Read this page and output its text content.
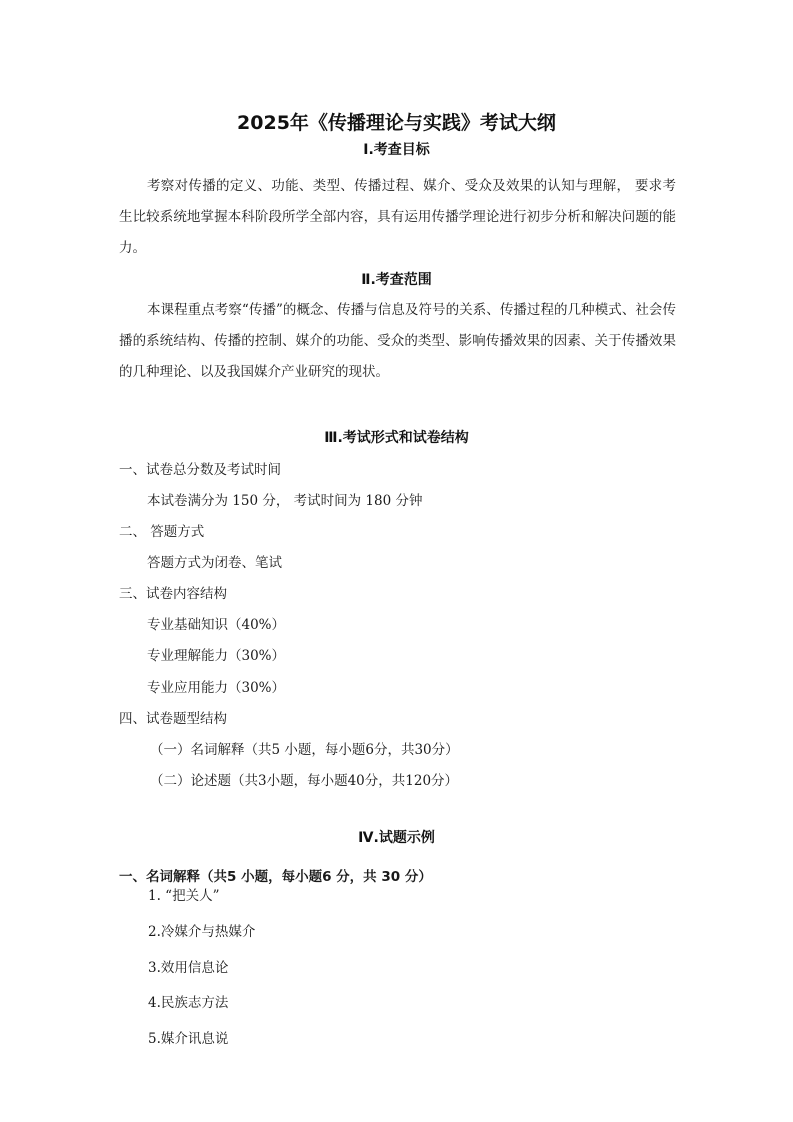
2025年《传播理论与实践》考试大纲
Ⅰ.考查目标
考察对传播的定义、功能、类型、传播过程、媒介、受众及效果的认知与理解， 要求考生比较系统地掌握本科阶段所学全部内容，具有运用传播学理论进行初步分析和解决问题的能力。
Ⅱ.考查范围
本课程重点考察“传播”的概念、传播与信息及符号的关系、传播过程的几种模式、社会传播的系统结构、传播的控制、媒介的功能、受众的类型、影响传播效果的因素、关于传播效果的几种理论、以及我国媒介产业研究的现状。
Ⅲ.考试形式和试卷结构
一、试卷总分数及考试时间
本试卷满分为 150 分， 考试时间为 180 分钟
二、 答题方式
答题方式为闭卷、笔试
三、试卷内容结构
专业基础知识（40%）
专业理解能力（30%）
专业应用能力（30%）
四、试卷题型结构
（一）名词解释（共5 小题，每小题6分，共30分）
（二）论述题（共3小题，每小题40分，共120分）
Ⅳ.试题示例
一、名词解释（共5 小题，每小题6 分，共 30 分）
1. “把关人”
2.冷媒介与热媒介
3.效用信息论
4.民族志方法
5.媒介讯息说
